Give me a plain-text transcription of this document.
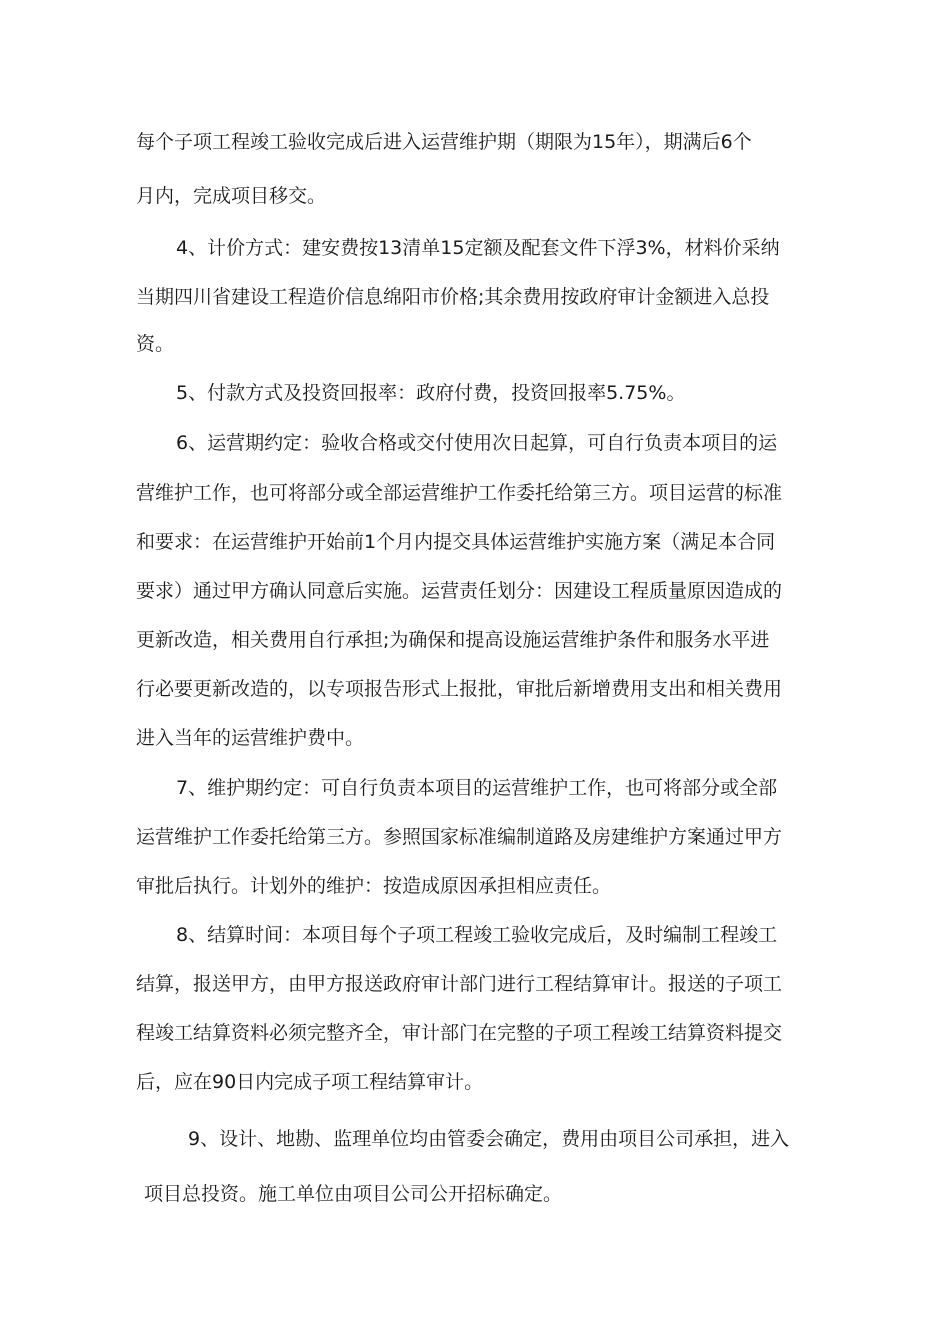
每个子项工程竣工验收完成后进入运营维护期（期限为15年），期满后6个
月内，完成项目移交。
4、计价方式：建安费按13清单15定额及配套文件下浮3%，材料价采纳
当期四川省建设工程造价信息绵阳市价格;其余费用按政府审计金额进入总投
资。
5、付款方式及投资回报率：政府付费，投资回报率5.75%。
6、运营期约定：验收合格或交付使用次日起算，可自行负责本项目的运
营维护工作，也可将部分或全部运营维护工作委托给第三方。项目运营的标准
和要求：在运营维护开始前1个月内提交具体运营维护实施方案（满足本合同
要求）通过甲方确认同意后实施。运营责任划分：因建设工程质量原因造成的
更新改造，相关费用自行承担;为确保和提高设施运营维护条件和服务水平进
行必要更新改造的，以专项报告形式上报批，审批后新增费用支出和相关费用
进入当年的运营维护费中。
7、维护期约定：可自行负责本项目的运营维护工作，也可将部分或全部
运营维护工作委托给第三方。参照国家标准编制道路及房建维护方案通过甲方
审批后执行。计划外的维护：按造成原因承担相应责任。
8、结算时间：本项目每个子项工程竣工验收完成后，及时编制工程竣工
结算，报送甲方，由甲方报送政府审计部门进行工程结算审计。报送的子项工
程竣工结算资料必须完整齐全，审计部门在完整的子项工程竣工结算资料提交
后，应在90日内完成子项工程结算审计。
9、设计、地勘、监理单位均由管委会确定，费用由项目公司承担，进入
项目总投资。施工单位由项目公司公开招标确定。
